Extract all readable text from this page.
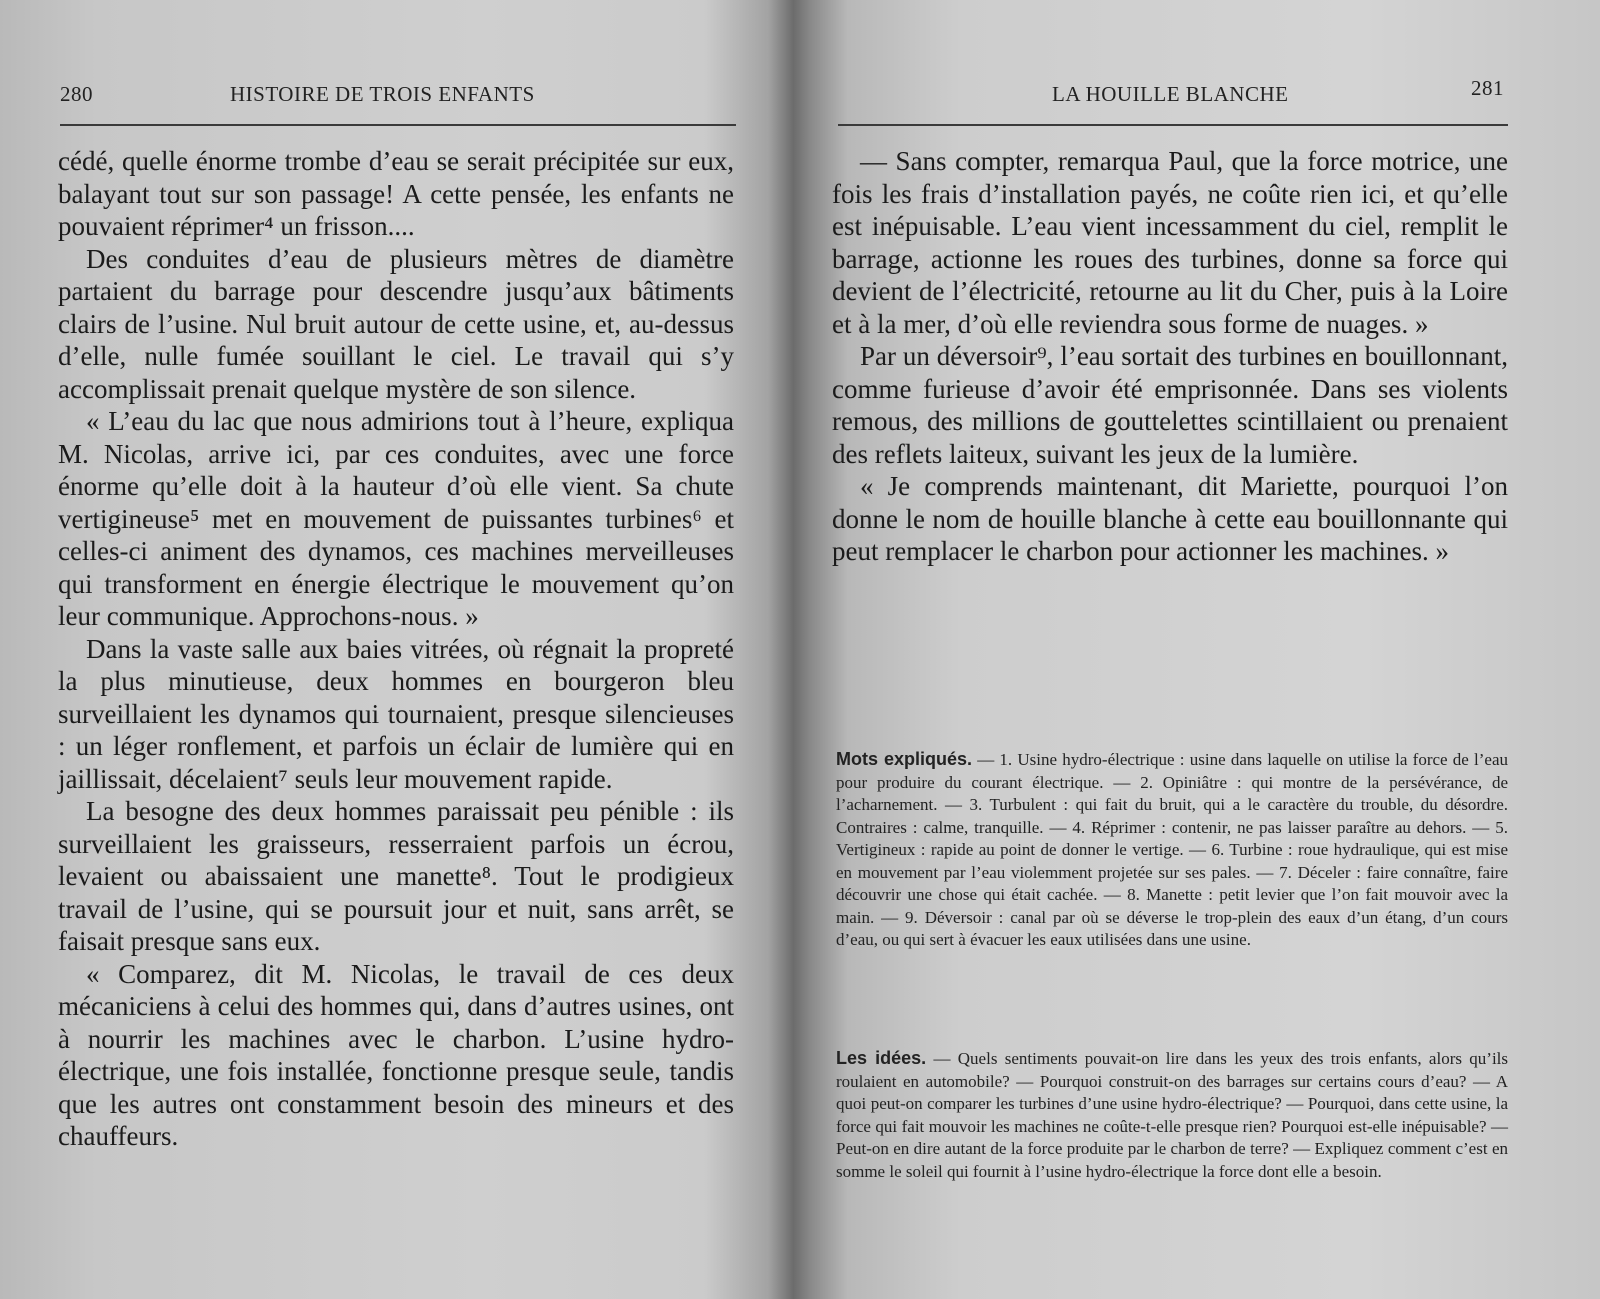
280	HISTOIRE DE TROIS ENFANTS

cédé, quelle énorme trombe d’eau se serait précipitée sur eux, balayant tout sur son passage! A cette pensée, les enfants ne pouvaient réprimer⁴ un frisson....

Des conduites d’eau de plusieurs mètres de diamètre partaient du barrage pour descendre jusqu’aux bâtiments clairs de l’usine. Nul bruit autour de cette usine, et, au-dessus d’elle, nulle fumée souillant le ciel. Le travail qui s’y accomplissait prenait quelque mystère de son silence.

« L’eau du lac que nous admirions tout à l’heure, expliqua M. Nicolas, arrive ici, par ces conduites, avec une force énorme qu’elle doit à la hauteur d’où elle vient. Sa chute vertigineuse⁵ met en mouvement de puissantes turbines⁶ et celles-ci animent des dynamos, ces machines merveilleuses qui transforment en énergie électrique le mouvement qu’on leur communique. Approchons-nous. »

Dans la vaste salle aux baies vitrées, où régnait la propreté la plus minutieuse, deux hommes en bourgeron bleu surveillaient les dynamos qui tournaient, presque silencieuses : un léger ronflement, et parfois un éclair de lumière qui en jaillissait, décelaient⁷ seuls leur mouvement rapide.

La besogne des deux hommes paraissait peu pénible : ils surveillaient les graisseurs, resserraient parfois un écrou, levaient ou abaissaient une manette⁸. Tout le prodigieux travail de l’usine, qui se poursuit jour et nuit, sans arrêt, se faisait presque sans eux.

« Comparez, dit M. Nicolas, le travail de ces deux mécaniciens à celui des hommes qui, dans d’autres usines, ont à nourrir les machines avec le charbon. L’usine hydro-électrique, une fois installée, fonctionne presque seule, tandis que les autres ont constamment besoin des mineurs et des chauffeurs.

LA HOUILLE BLANCHE	281

— Sans compter, remarqua Paul, que la force motrice, une fois les frais d’installation payés, ne coûte rien ici, et qu’elle est inépuisable. L’eau vient incessamment du ciel, remplit le barrage, actionne les roues des turbines, donne sa force qui devient de l’électricité, retourne au lit du Cher, puis à la Loire et à la mer, d’où elle reviendra sous forme de nuages. »

Par un déversoir⁹, l’eau sortait des turbines en bouillonnant, comme furieuse d’avoir été emprisonnée. Dans ses violents remous, des millions de gouttelettes scintillaient ou prenaient des reflets laiteux, suivant les jeux de la lumière.

« Je comprends maintenant, dit Mariette, pourquoi l’on donne le nom de houille blanche à cette eau bouillonnante qui peut remplacer le charbon pour actionner les machines. »

Mots expliqués. — 1. Usine hydro-électrique : usine dans laquelle on utilise la force de l’eau pour produire du courant électrique. — 2. Opiniâtre : qui montre de la persévérance, de l’acharnement. — 3. Turbulent : qui fait du bruit, qui a le caractère du trouble, du désordre. Contraires : calme, tranquille. — 4. Réprimer : contenir, ne pas laisser paraître au dehors. — 5. Vertigineux : rapide au point de donner le vertige. — 6. Turbine : roue hydraulique, qui est mise en mouvement par l’eau violemment projetée sur ses pales. — 7. Déceler : faire connaître, faire découvrir une chose qui était cachée. — 8. Manette : petit levier que l’on fait mouvoir avec la main. — 9. Déversoir : canal par où se déverse le trop-plein des eaux d’un étang, d’un cours d’eau, ou qui sert à évacuer les eaux utilisées dans une usine.
Les idées. — Quels sentiments pouvait-on lire dans les yeux des trois enfants, alors qu’ils roulaient en automobile? — Pourquoi construit-on des barrages sur certains cours d’eau? — A quoi peut-on comparer les turbines d’une usine hydro-électrique? — Pourquoi, dans cette usine, la force qui fait mouvoir les machines ne coûte-t-elle presque rien? Pourquoi est-elle inépuisable? — Peut-on en dire autant de la force produite par le charbon de terre? — Expliquez comment c’est en somme le soleil qui fournit à l’usine hydro-électrique la force dont elle a besoin.
